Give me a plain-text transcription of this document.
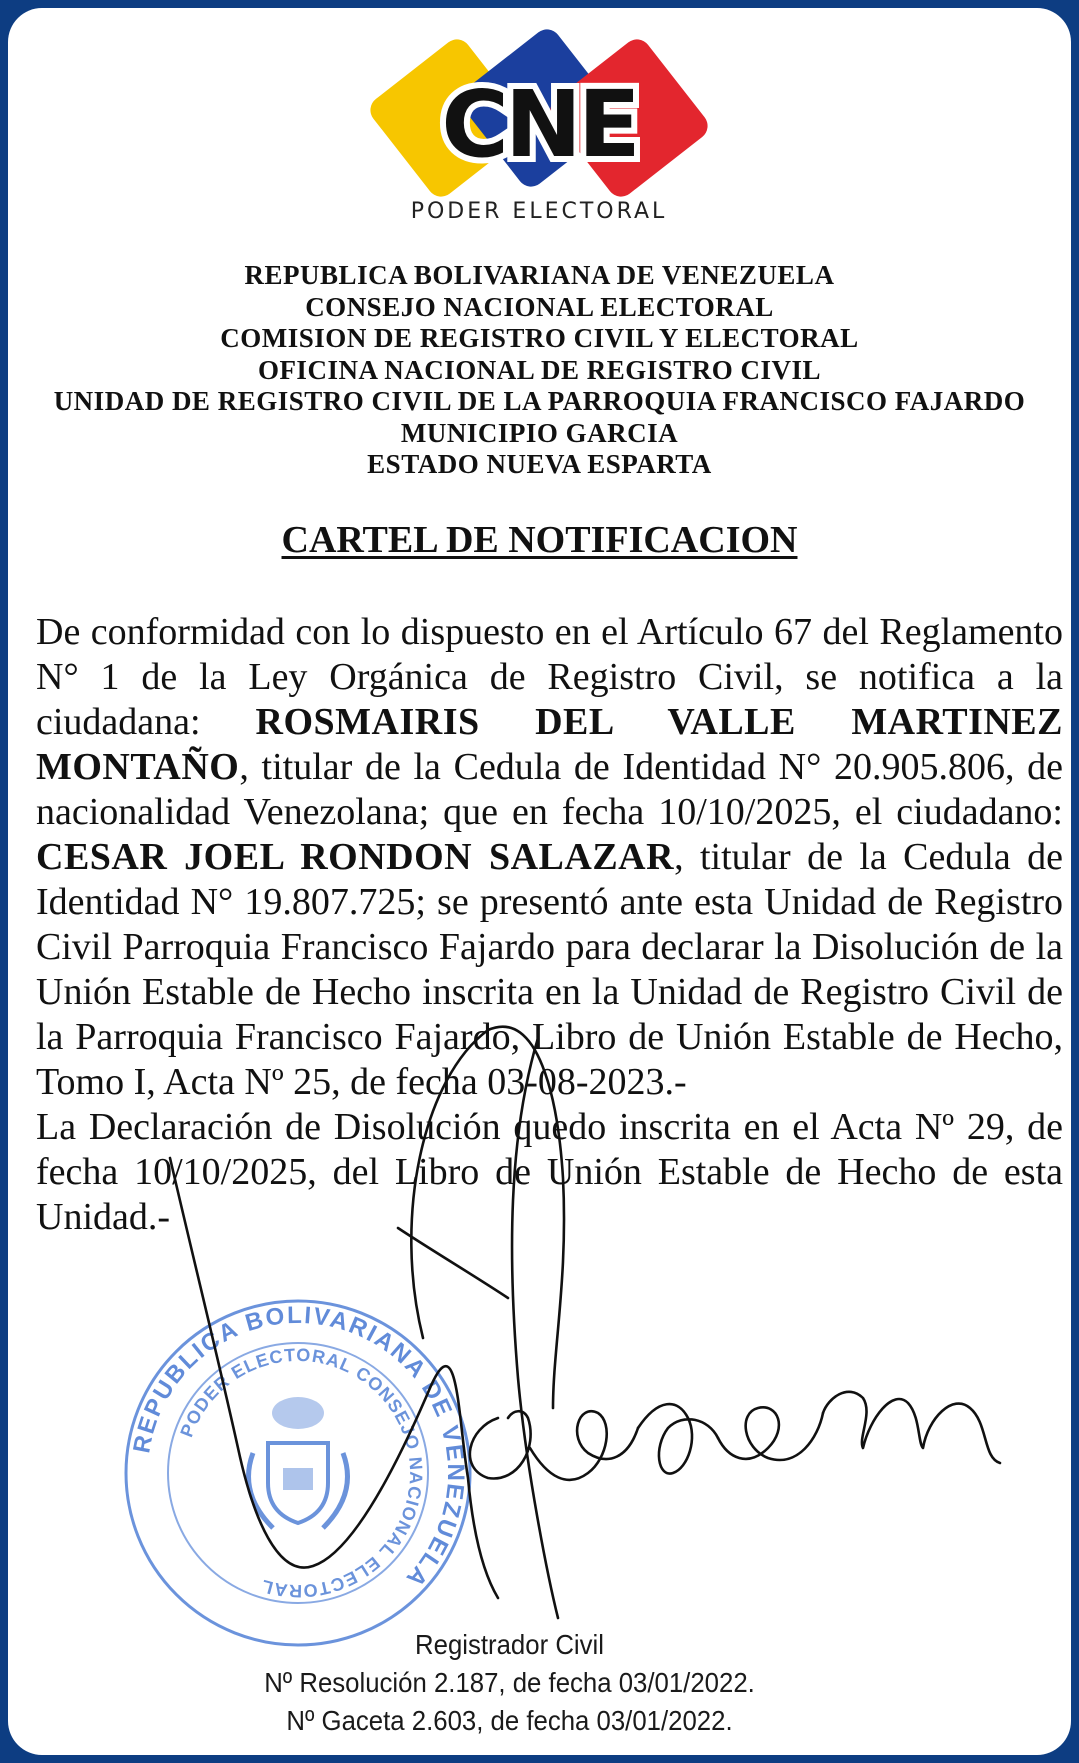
CNE
PODER ELECTORAL
REPUBLICA BOLIVARIANA DE VENEZUELA
CONSEJO NACIONAL ELECTORAL
COMISION DE REGISTRO CIVIL Y ELECTORAL
OFICINA NACIONAL DE REGISTRO CIVIL
UNIDAD DE REGISTRO CIVIL DE LA PARROQUIA FRANCISCO FAJARDO
MUNICIPIO GARCIA
ESTADO NUEVA ESPARTA
CARTEL DE NOTIFICACION

De conformidad con lo dispuesto en el Artículo 67 del Reglamento N° 1 de la Ley Orgánica de Registro Civil, se notifica a la ciudadana: ROSMAIRIS DEL VALLE MARTINEZ MONTAÑO, titular de la Cedula de Identidad N° 20.905.806, de nacionalidad Venezolana; que en fecha 10/10/2025, el ciudadano: CESAR JOEL RONDON SALAZAR, titular de la Cedula de Identidad N° 19.807.725; se presentó ante esta Unidad de Registro Civil Parroquia Francisco Fajardo para declarar la Disolución de la Unión Estable de Hecho inscrita en la Unidad de Registro Civil de la Parroquia Francisco Fajardo, Libro de Unión Estable de Hecho, Tomo I, Acta Nº 25, de fecha 03-08-2023.-

La Declaración de Disolución quedo inscrita en el Acta Nº 29, de fecha 10/10/2025, del Libro de Unión Estable de Hecho de esta Unidad.-

REPUBLICA BOLIVARIANA DE VENEZUELA
PODER ELECTORAL CONSEJO NACIONAL ELECTORAL
Registrador Civil
Nº Resolución 2.187, de fecha 03/01/2022.
Nº Gaceta 2.603, de fecha 03/01/2022.
